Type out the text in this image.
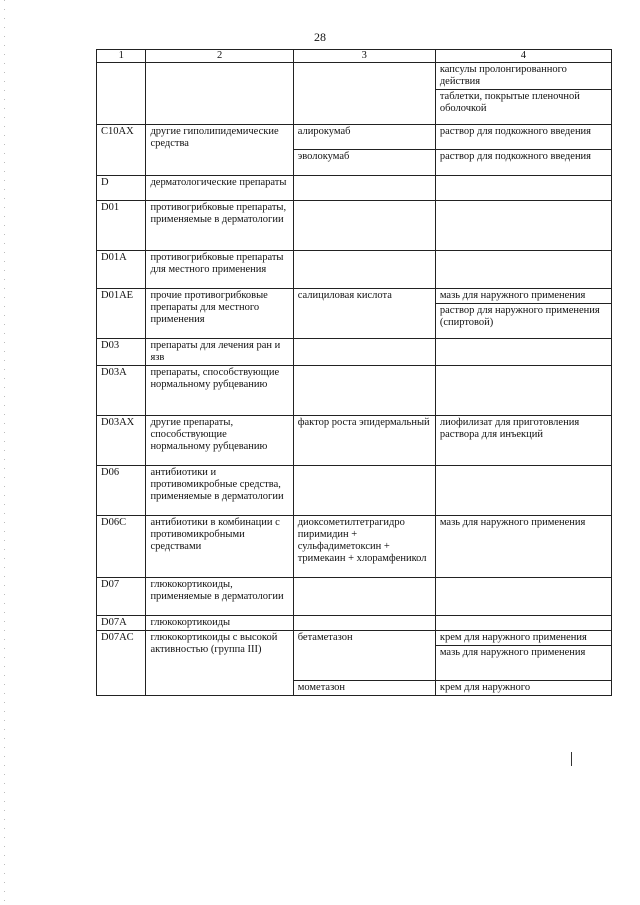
28
1	2	3	4

			капсулы пролонгированного действия
таблетки, покрытые пленочной оболочкой

C10AX	другие гиполипидемические средства	алирокумаб	раствор для подкожного введения

		эволокумаб	раствор для подкожного введения

D	дерматологические препараты		

D01	противогрибковые препараты, применяемые в дерматологии		

D01A	противогрибковые препараты для местного применения		

D01AE	прочие противогрибковые препараты для местного применения	салициловая кислота	мазь для наружного применения
раствор для наружного применения (спиртовой)

D03	препараты для лечения ран и язв		

D03A	препараты, способствующие нормальному рубцеванию		

D03AX	другие препараты, способствующие нормальному рубцеванию	фактор роста эпидермальный	лиофилизат для приготовления раствора для инъекций

D06	антибиотики и противомикробные средства, применяемые в дерматологии		

D06C	антибиотики в комбинации с противомикробными средствами	диоксометилтетрагидро пиримидин + сульфадиметоксин + тримекаин + хлорамфеникол	мазь для наружного применения

D07	глюкокортикоиды, применяемые в дерматологии		

D07A	глюкокортикоиды		

D07AC	глюкокортикоиды с высокой активностью (группа III)	бетаметазон	крем для наружного применения
мазь для наружного применения

		мометазон	крем для наружного
